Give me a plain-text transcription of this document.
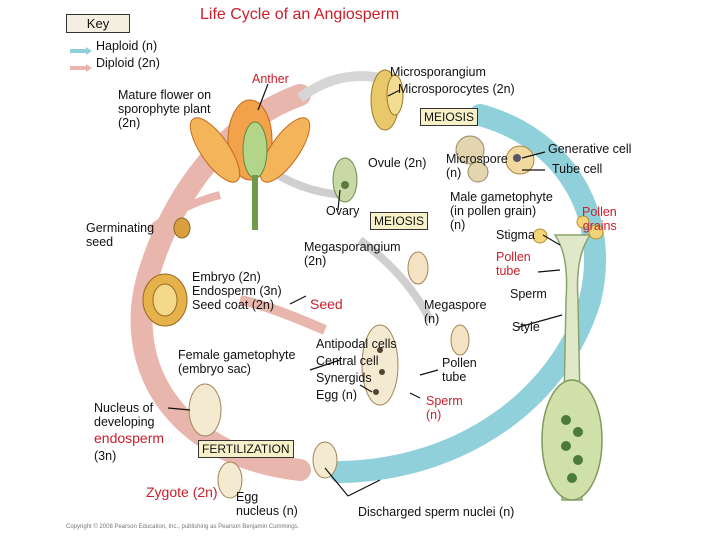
Life Cycle of an Angiosperm
Key
Haploid (n)
Diploid (2n)
Mature flower on
sporophyte plant
(2n)
Anther	Microsporangium
Microsporocytes (2n)
MEIOSIS
Generative cell
Tube cell
Ovule (2n) Microspore
(n)
Male gametophyte
(in pollen grain)
(n)
Pollen
grains
Ovary
MEIOSIS
Stigma
Germinating
seed	Megasporangium
(2n)	Pollen
tube
Sperm
Embryo (2n)
Endosperm (3n)
Seed coat (2n)	Seed	Megaspore
(n)
Style
Female gametophyte
(embryo sac)
Antipodal cells
Central cell
Synergids
Egg (n)
Pollen
tube
Sperm
(n)
Nucleus of
developing
endosperm
(3n)	FERTILIZATION
Zygote (2n) Egg
nucleus (n)	Discharged sperm nuclei (n)
Copyright © 2008 Pearson Education, Inc., publishing as Pearson Benjamin Cummings.
